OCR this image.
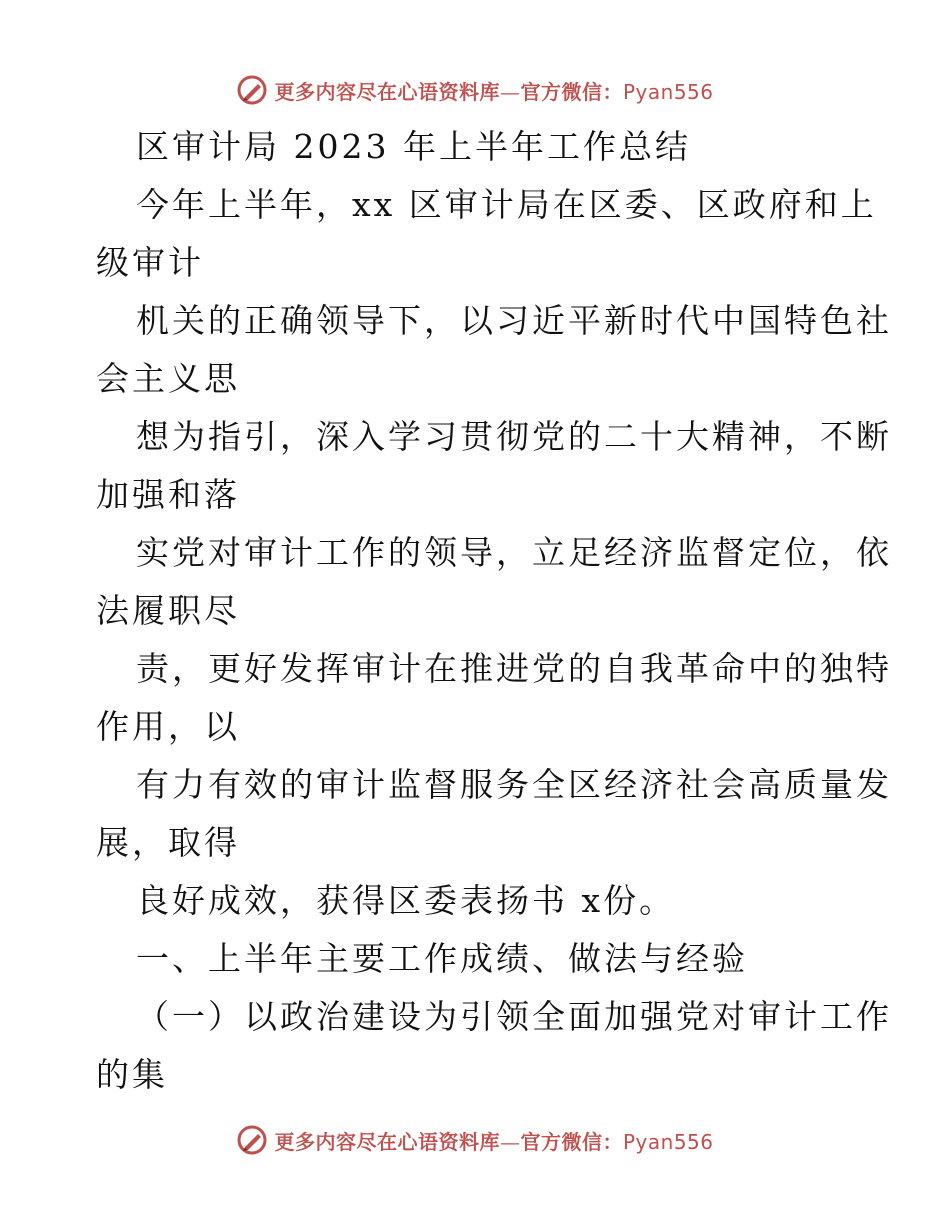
更多内容尽在心语资料库—官方微信：Pyan556
区审计局 2023 年上半年工作总结
今年上半年，xx 区审计局在区委、区政府和上
级审计
机关的正确领导下，以习近平新时代中国特色社
会主义思
想为指引，深入学习贯彻党的二十大精神，不断
加强和落
实党对审计工作的领导，立足经济监督定位，依
法履职尽
责，更好发挥审计在推进党的自我革命中的独特
作用，以
有力有效的审计监督服务全区经济社会高质量发
展，取得
良好成效，获得区委表扬书 x份。
一、上半年主要工作成绩、做法与经验
（一）以政治建设为引领全面加强党对审计工作
的集
更多内容尽在心语资料库—官方微信：Pyan556
